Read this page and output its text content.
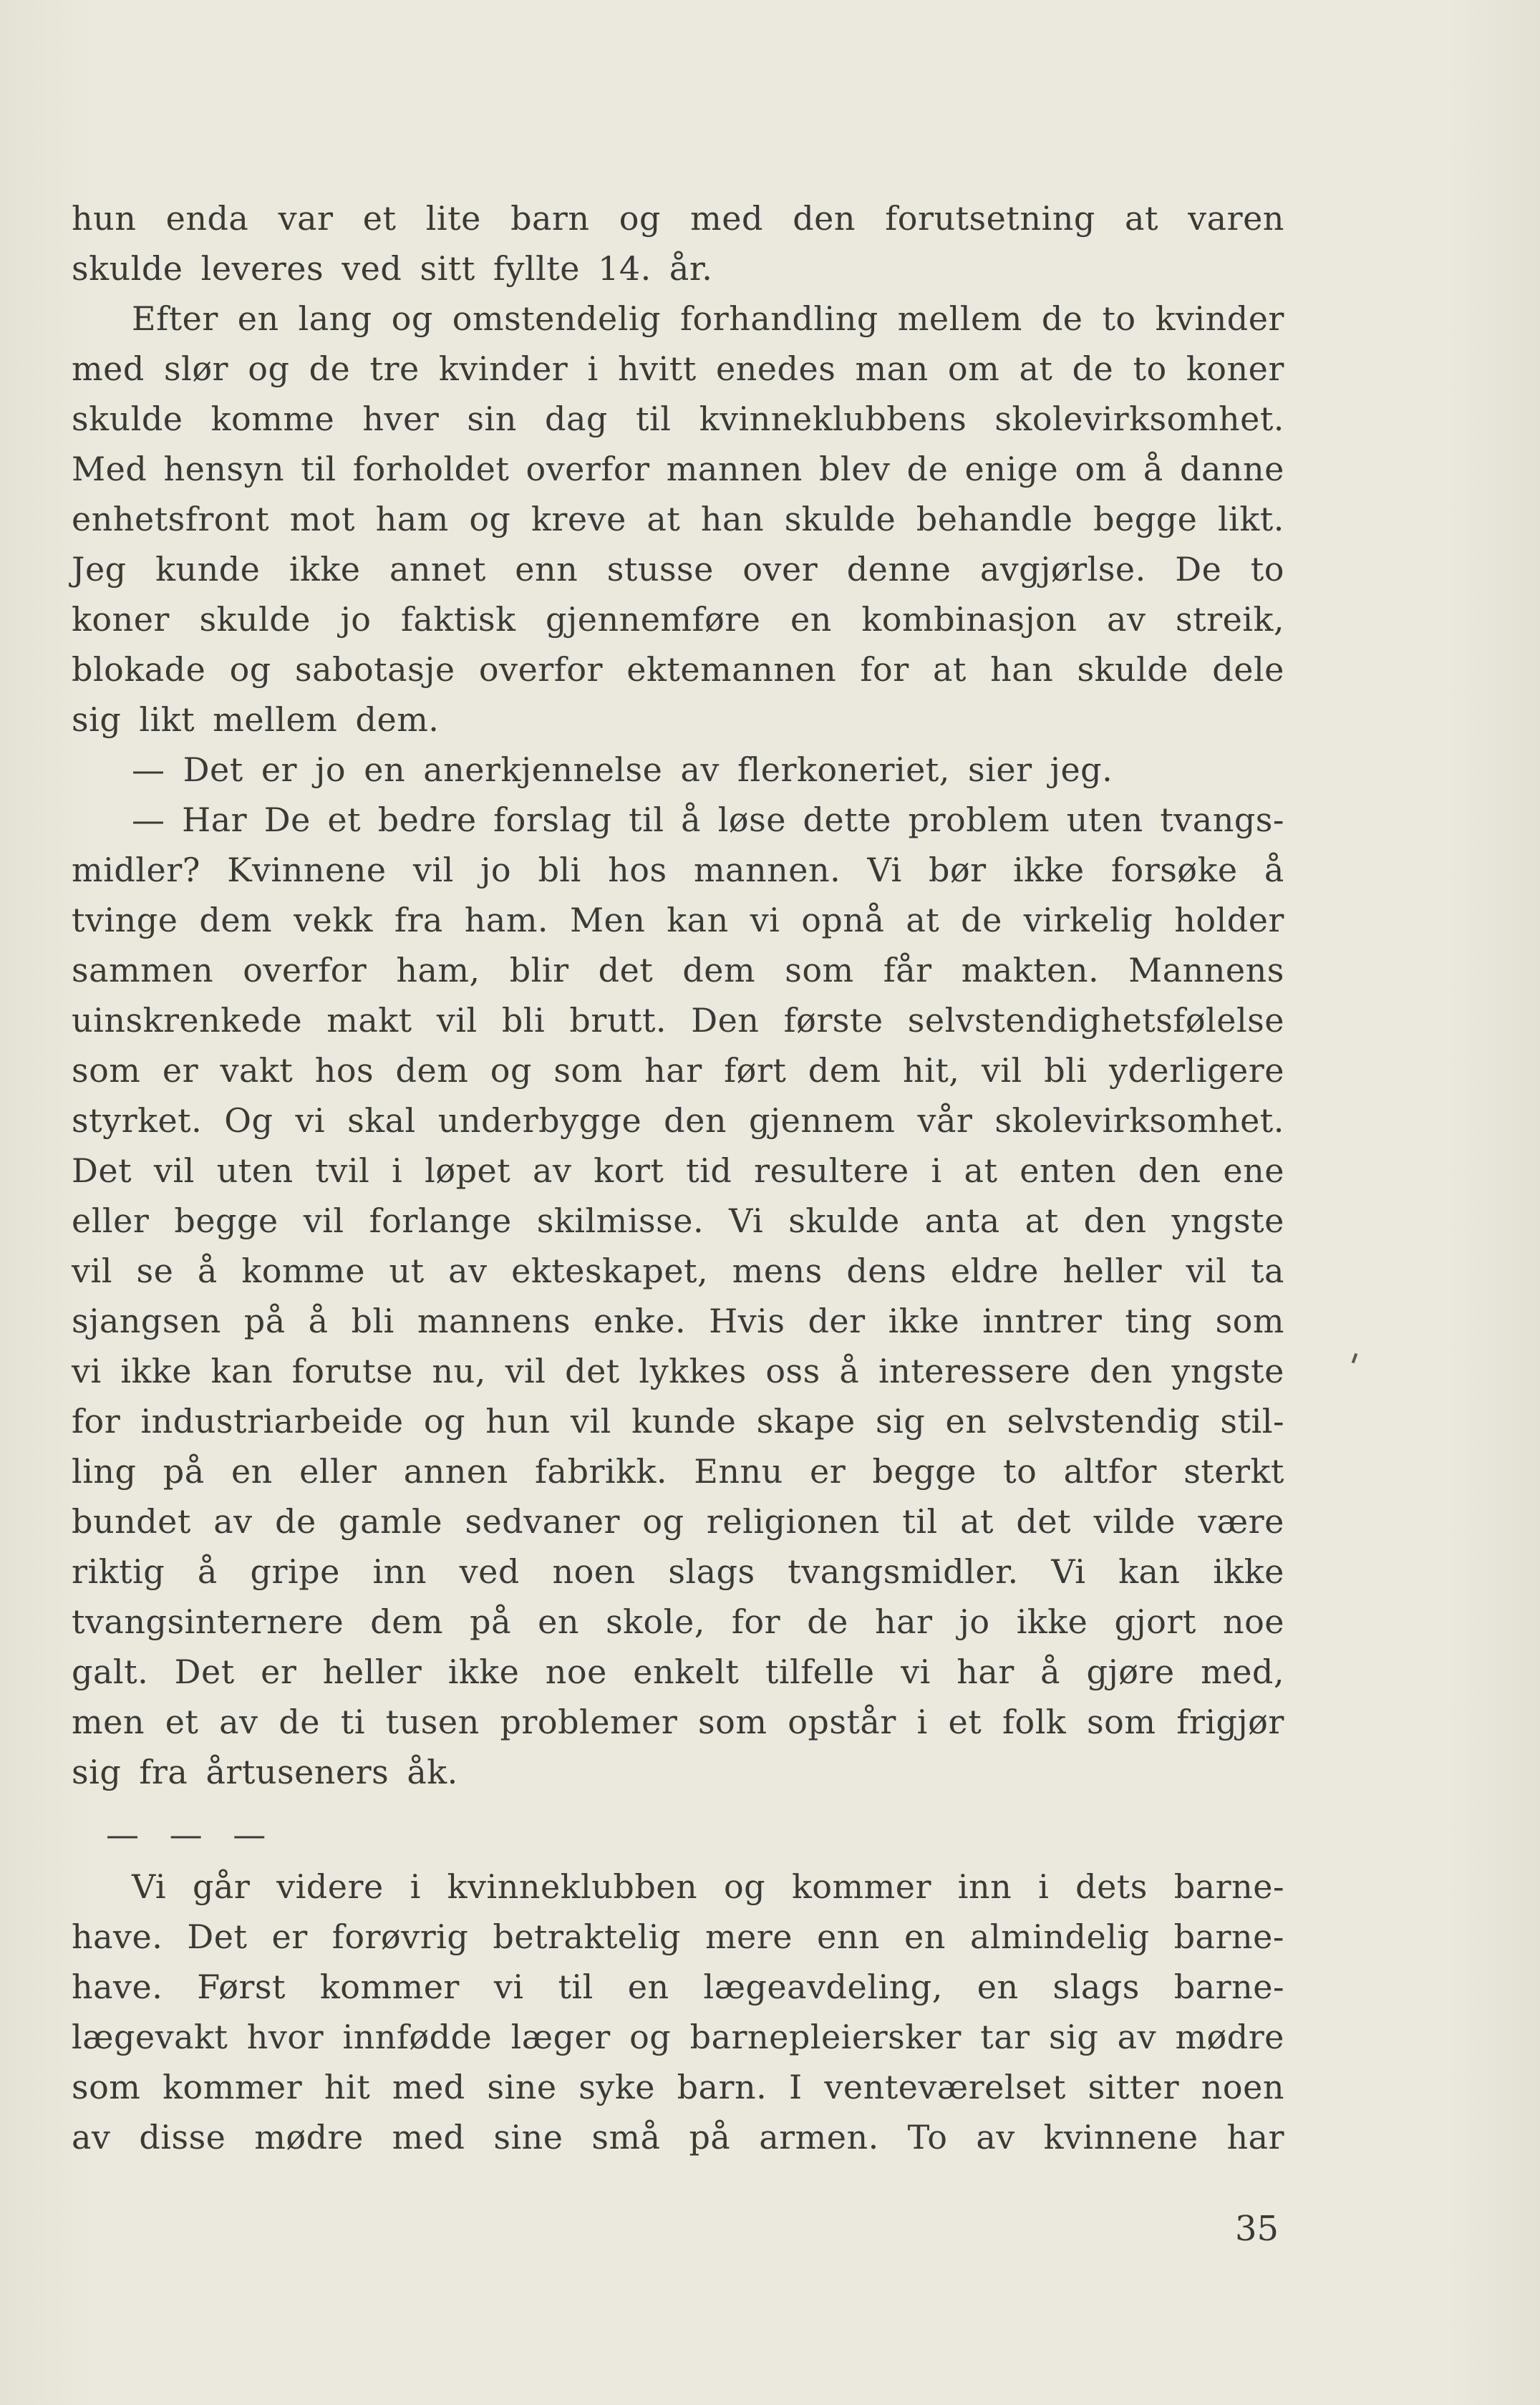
hun enda var et lite barn og med den forutsetning at varen
skulde leveres ved sitt fyllte 14. år.
Efter en lang og omstendelig forhandling mellem de to kvinder
med slør og de tre kvinder i hvitt enedes man om at de to koner
skulde komme hver sin dag til kvinneklubbens skolevirksomhet.
Med hensyn til forholdet overfor mannen blev de enige om å danne
enhetsfront mot ham og kreve at han skulde behandle begge likt.
Jeg kunde ikke annet enn stusse over denne avgjørlse. De to
koner skulde jo faktisk gjennemføre en kombinasjon av streik,
blokade og sabotasje overfor ektemannen for at han skulde dele
sig likt mellem dem.
— Det er jo en anerkjennelse av flerkoneriet, sier jeg.
— Har De et bedre forslag til å løse dette problem uten tvangs-
midler? Kvinnene vil jo bli hos mannen. Vi bør ikke forsøke å
tvinge dem vekk fra ham. Men kan vi opnå at de virkelig holder
sammen overfor ham, blir det dem som får makten. Mannens
uinskrenkede makt vil bli brutt. Den første selvstendighetsfølelse
som er vakt hos dem og som har ført dem hit, vil bli yderligere
styrket. Og vi skal underbygge den gjennem vår skolevirksomhet.
Det vil uten tvil i løpet av kort tid resultere i at enten den ene
eller begge vil forlange skilmisse. Vi skulde anta at den yngste
vil se å komme ut av ekteskapet, mens dens eldre heller vil ta
sjangsen på å bli mannens enke. Hvis der ikke inntrer ting som
vi ikke kan forutse nu, vil det lykkes oss å interessere den yngste
for industriarbeide og hun vil kunde skape sig en selvstendig stil-
ling på en eller annen fabrikk. Ennu er begge to altfor sterkt
bundet av de gamle sedvaner og religionen til at det vilde være
riktig å gripe inn ved noen slags tvangsmidler. Vi kan ikke
tvangsinternere dem på en skole, for de har jo ikke gjort noe
galt. Det er heller ikke noe enkelt tilfelle vi har å gjøre med,
men et av de ti tusen problemer som opstår i et folk som frigjør
sig fra årtuseners åk.
— — —
Vi går videre i kvinneklubben og kommer inn i dets barne-
have. Det er forøvrig betraktelig mere enn en almindelig barne-
have. Først kommer vi til en lægeavdeling, en slags barne-
lægevakt hvor innfødde læger og barnepleiersker tar sig av mødre
som kommer hit med sine syke barn. I venteværelset sitter noen
av disse mødre med sine små på armen. To av kvinnene har
35
